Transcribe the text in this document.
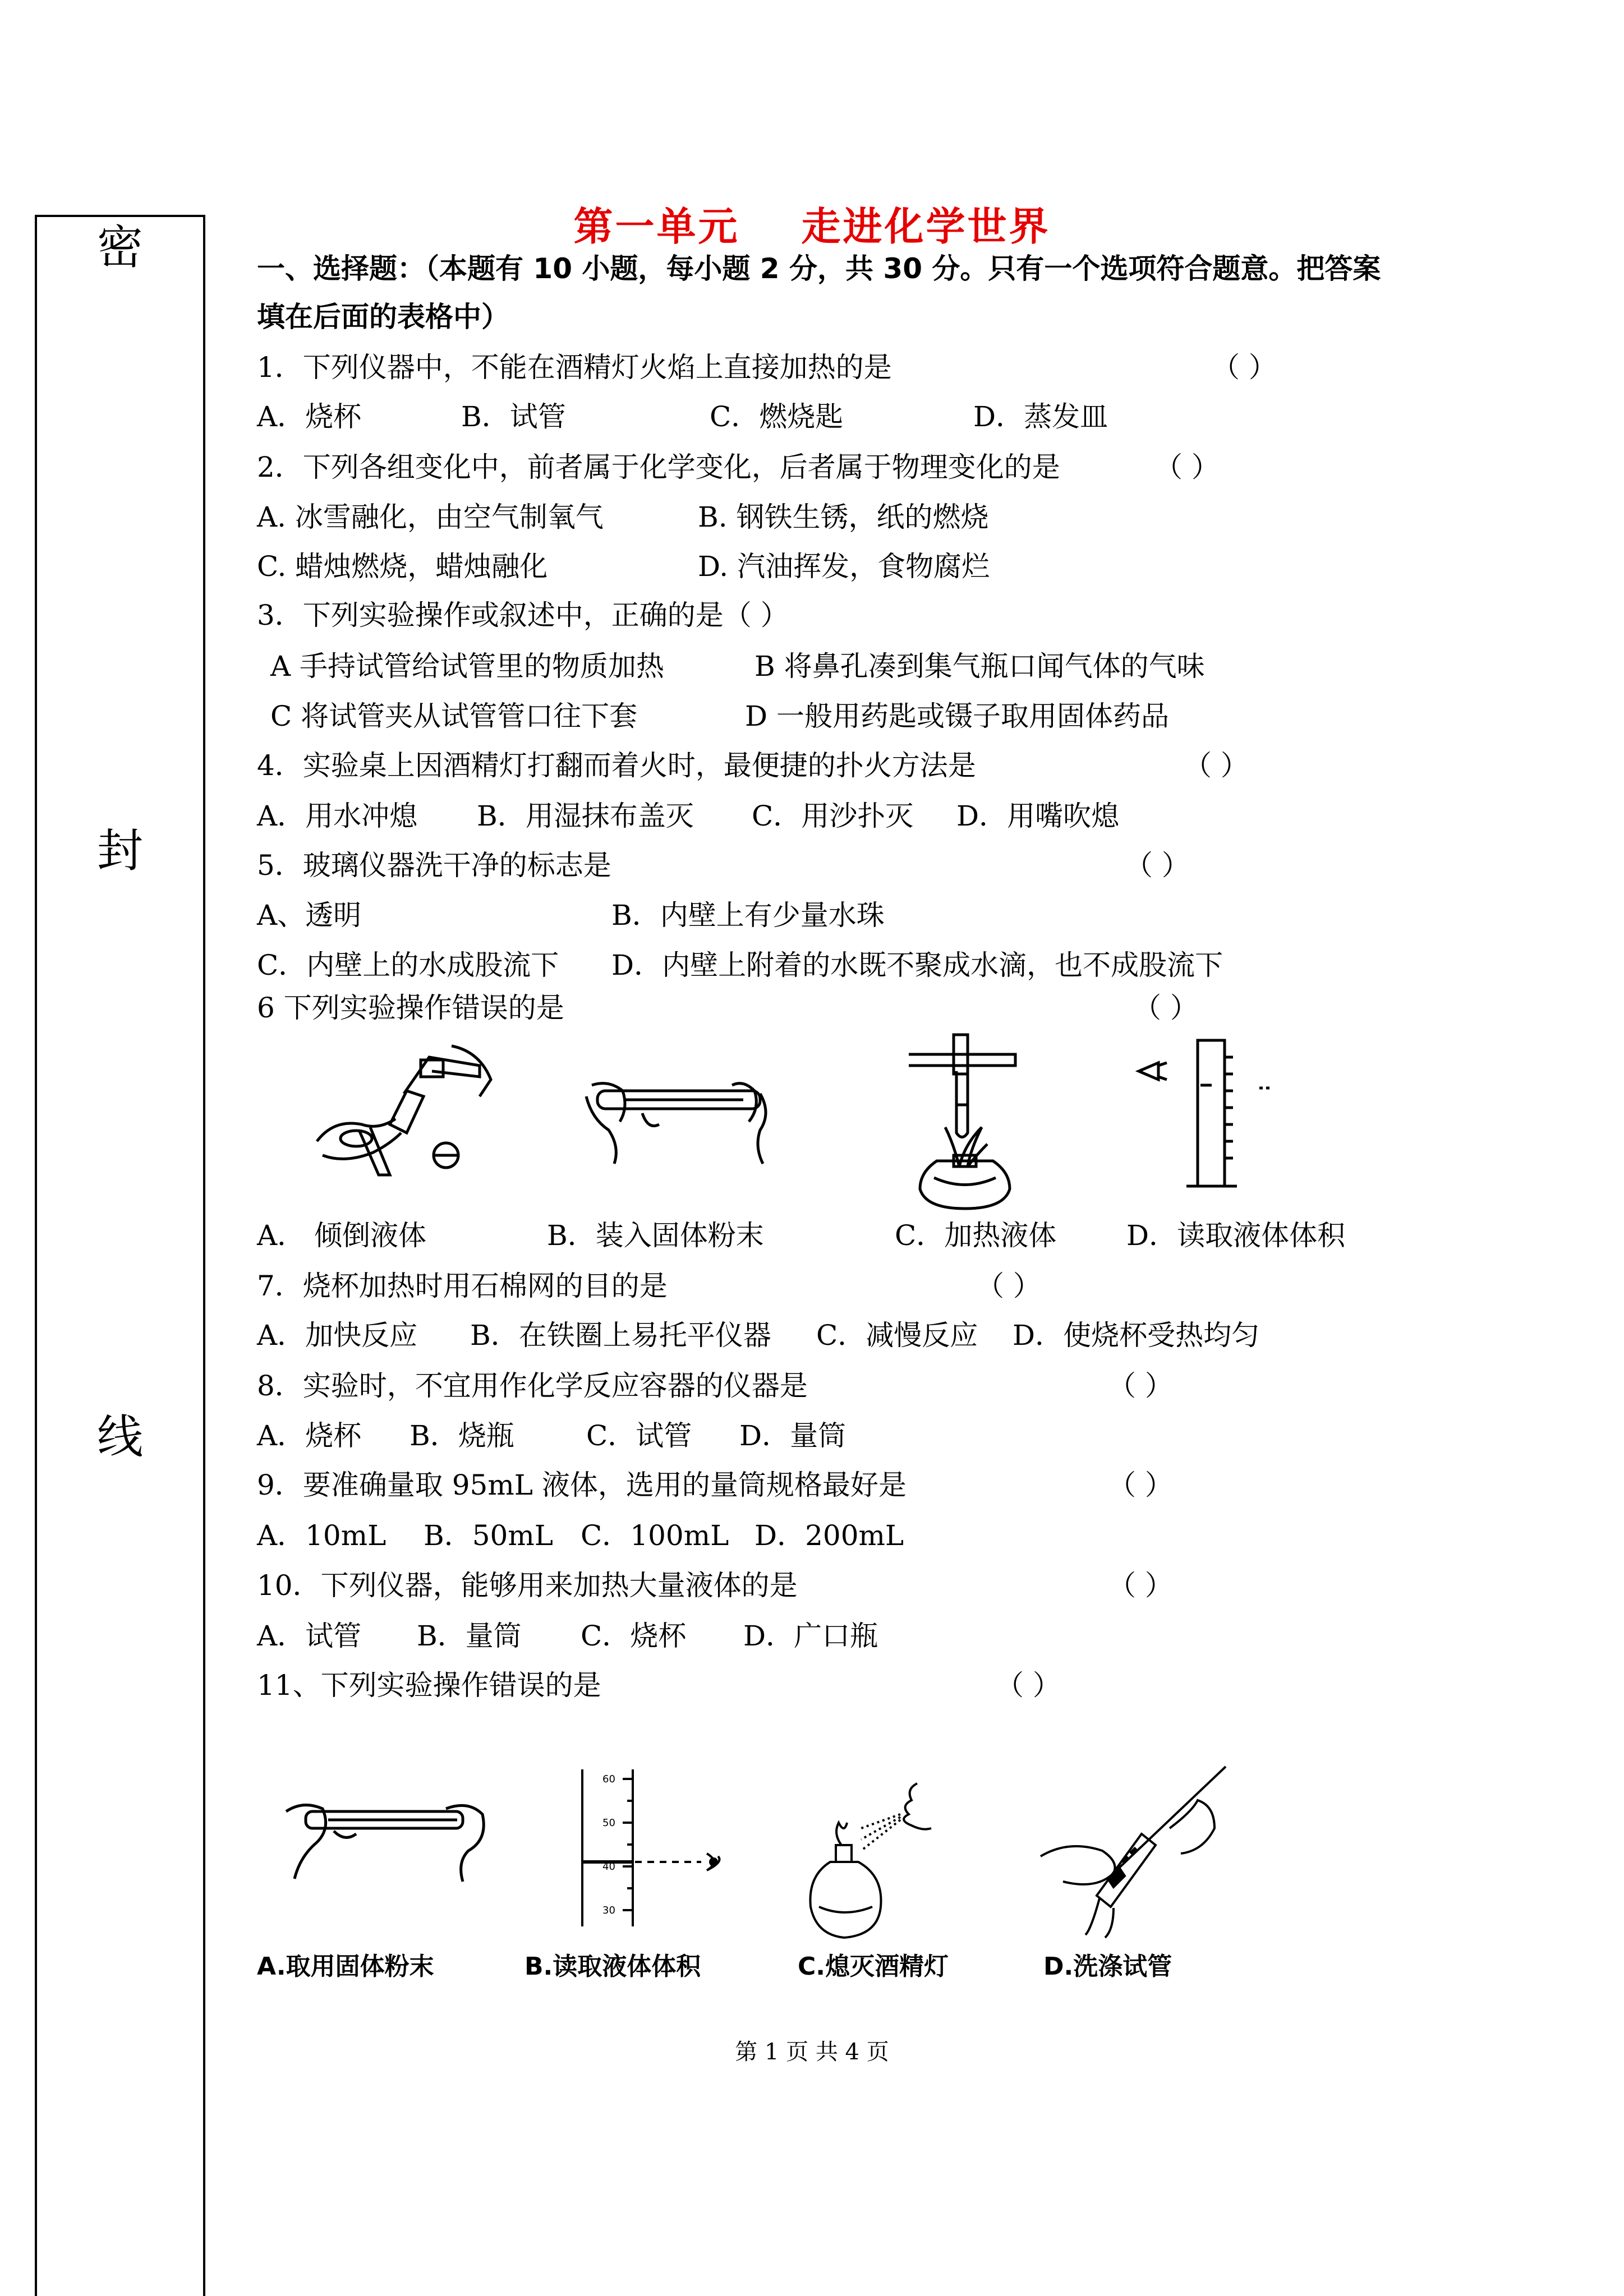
密
封
线
第一单元 走进化学世界
一、选择题：（本题有 10 小题，每小题 2 分，共 30 分。只有一个选项符合题意。把答案
填在后面的表格中）
1．下列仪器中，不能在酒精灯火焰上直接加热的是	（ ）
A．烧杯	B．试管	C．燃烧匙	D．蒸发皿
2．下列各组变化中，前者属于化学变化，后者属于物理变化的是	（ ）
A. 冰雪融化，由空气制氧气	B. 钢铁生锈，纸的燃烧
C. 蜡烛燃烧，蜡烛融化	D. 汽油挥发，食物腐烂
3．下列实验操作或叙述中，正确的是（ ）
A 手持试管给试管里的物质加热	B 将鼻孔凑到集气瓶口闻气体的气味
C 将试管夹从试管管口往下套	D 一般用药匙或镊子取用固体药品
4．实验桌上因酒精灯打翻而着火时，最便捷的扑火方法是	（ ）
A．用水冲熄 B．用湿抹布盖灭 C．用沙扑灭 D．用嘴吹熄
5．玻璃仪器洗干净的标志是	（ ）
A、透明	B．内壁上有少量水珠
C．内壁上的水成股流下 D．内壁上附着的水既不聚成水滴，也不成股流下
6 下列实验操作错误的是	（ ）
A． 倾倒液体	B．装入固体粉末	C．加热液体 D．读取液体体积
7．烧杯加热时用石棉网的目的是	（ ）
A．加快反应 B．在铁圈上易托平仪器 C．减慢反应 D．使烧杯受热均匀
8．实验时，不宜用作化学反应容器的仪器是	（ ）
A．烧杯 B．烧瓶	C．试管 D．量筒
9．要准确量取 95mL 液体，选用的量筒规格最好是	（ ）
A．10mL B．50mL C．100mL D．200mL
10．下列仪器，能够用来加热大量液体的是	（ ）
A．试管 B．量筒 C．烧杯 D．广口瓶
11、下列实验操作错误的是	（ ）
60
50
40
30
A.取用固体粉末	B.读取液体体积	C.熄灭酒精灯	D.洗涤试管
第 1 页 共 4 页
